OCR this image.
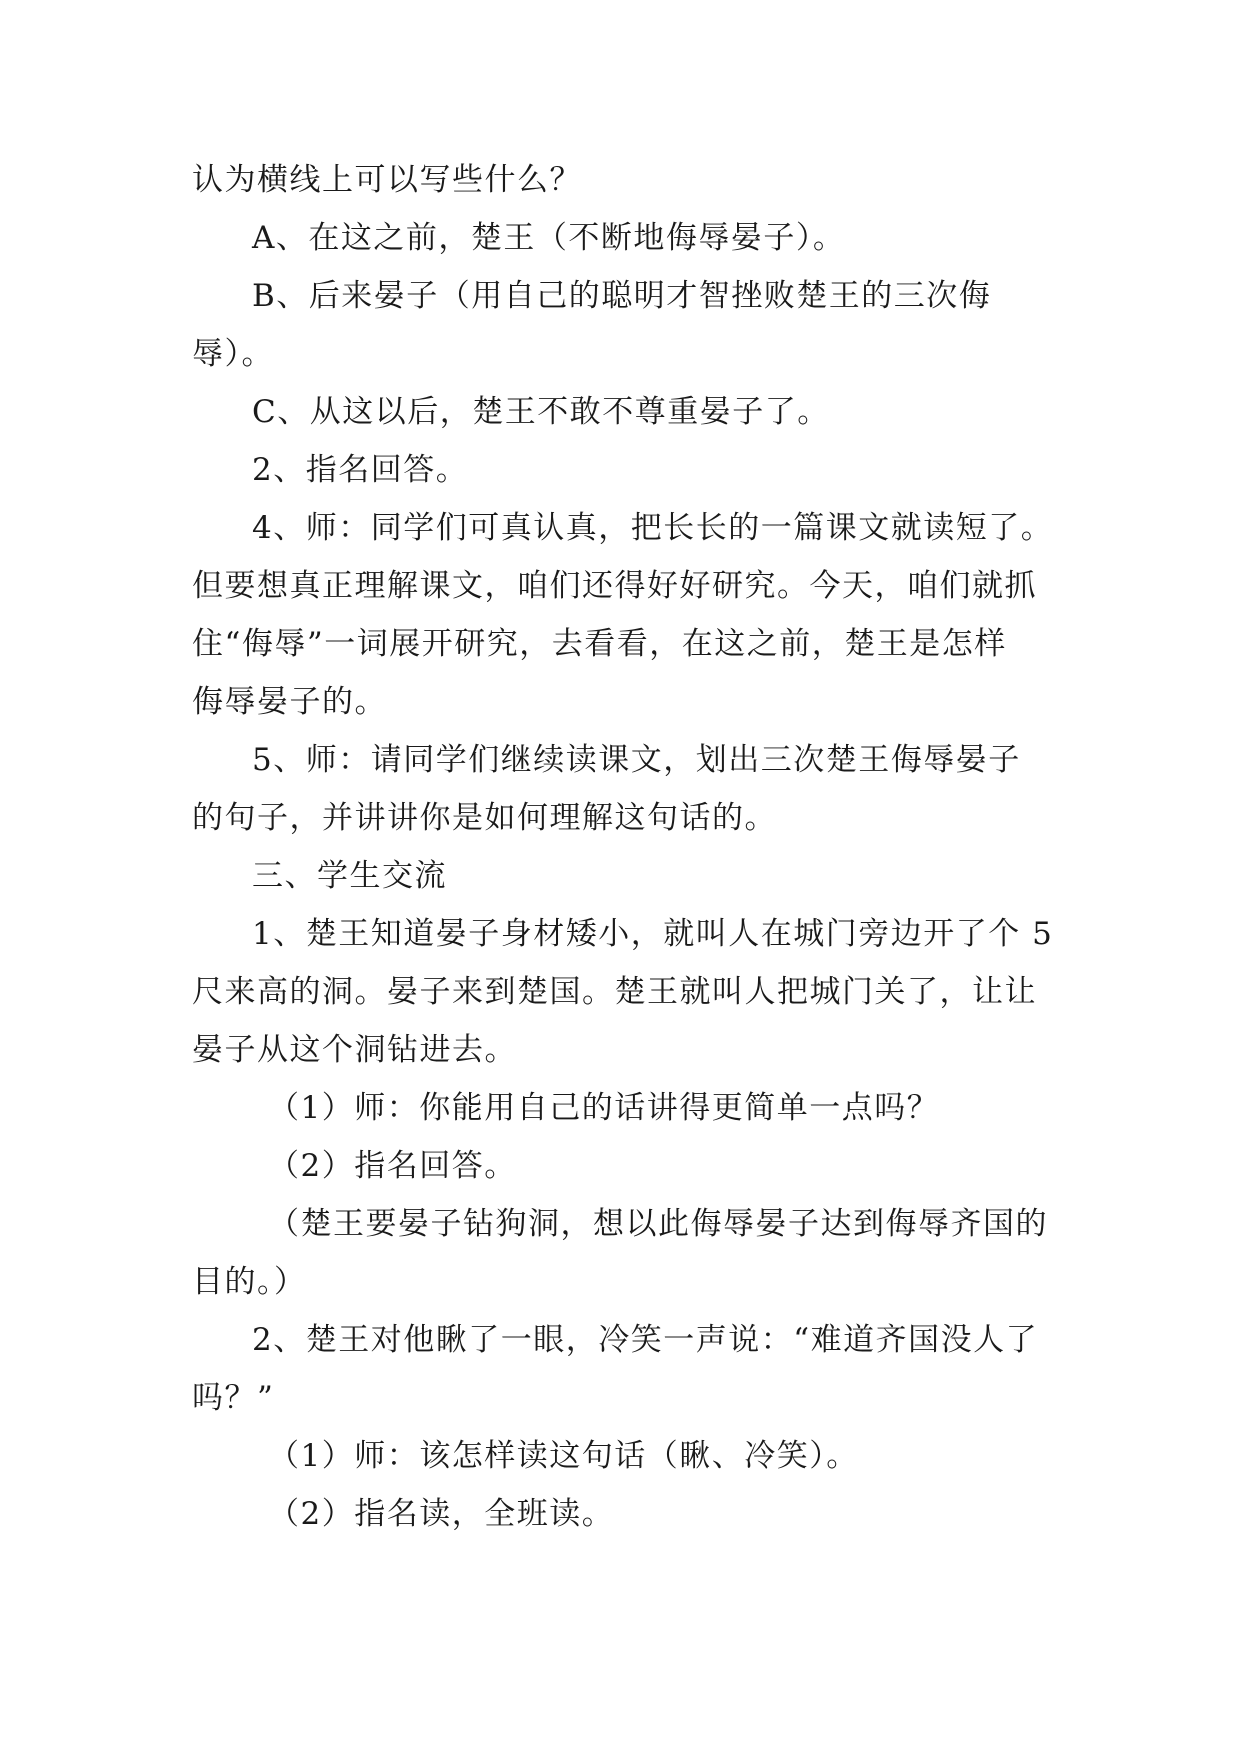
认为横线上可以写些什么？
A、在这之前，楚王（不断地侮辱晏子）。
B、后来晏子（用自己的聪明才智挫败楚王的三次侮
辱）。
C、从这以后，楚王不敢不尊重晏子了。
2、指名回答。
4、师：同学们可真认真，把长长的一篇课文就读短了。
但要想真正理解课文，咱们还得好好研究。今天，咱们就抓
住“侮辱”一词展开研究，去看看，在这之前，楚王是怎样
侮辱晏子的。
5、师：请同学们继续读课文，划出三次楚王侮辱晏子
的句子，并讲讲你是如何理解这句话的。
三、学生交流
1、楚王知道晏子身材矮小，就叫人在城门旁边开了个 5
尺来高的洞。晏子来到楚国。楚王就叫人把城门关了，让让
晏子从这个洞钻进去。
（1）师：你能用自己的话讲得更简单一点吗？
（2）指名回答。
（楚王要晏子钻狗洞，想以此侮辱晏子达到侮辱齐国的
目的。）
2、楚王对他瞅了一眼，冷笑一声说：“难道齐国没人了
吗？”
（1）师：该怎样读这句话（瞅、冷笑）。
（2）指名读，全班读。
